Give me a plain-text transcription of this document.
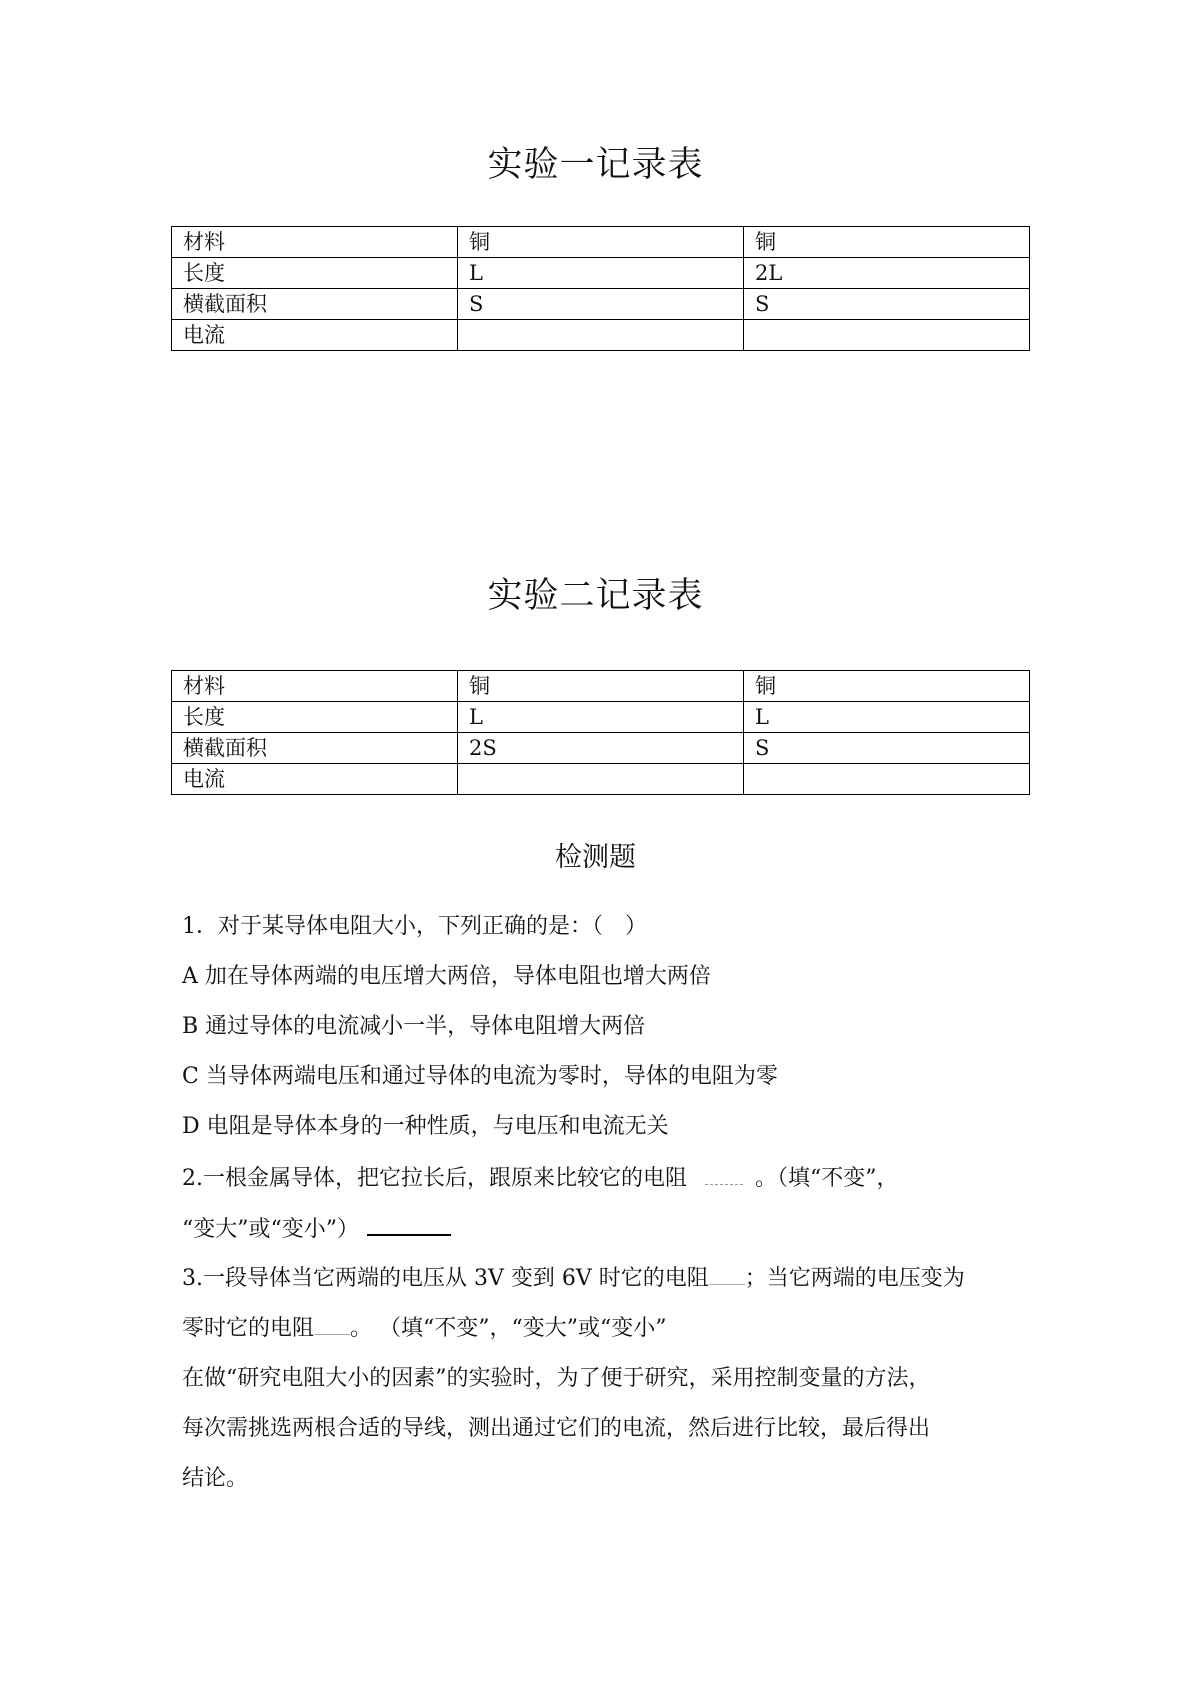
实验一记录表
材料	铜	铜
长度	L	2L
横截面积	S	S
电流		
实验二记录表
材料	铜	铜
长度	L	L
横截面积	2S	S
电流		
检测题
1．对于某导体电阻大小，下列正确的是：（　）
A 加在导体两端的电压增大两倍，导体电阻也增大两倍
B 通过导体的电流减小一半，导体电阻增大两倍
C 当导体两端电压和通过导体的电流为零时，导体的电阻为零
D 电阻是导体本身的一种性质，与电压和电流无关
2.一根金属导体，把它拉长后，跟原来比较它的电阻	。（填“不变”，
“变大”或“变小”）
3.一段导体当它两端的电压从 3V 变到 6V 时它的电阻 ；当它两端的电压变为
零时它的电阻 。 （填“不变”，“变大”或“变小”
在做“研究电阻大小的因素”的实验时，为了便于研究，采用控制变量的方法，
每次需挑选两根合适的导线，测出通过它们的电流，然后进行比较，最后得出
结论。
